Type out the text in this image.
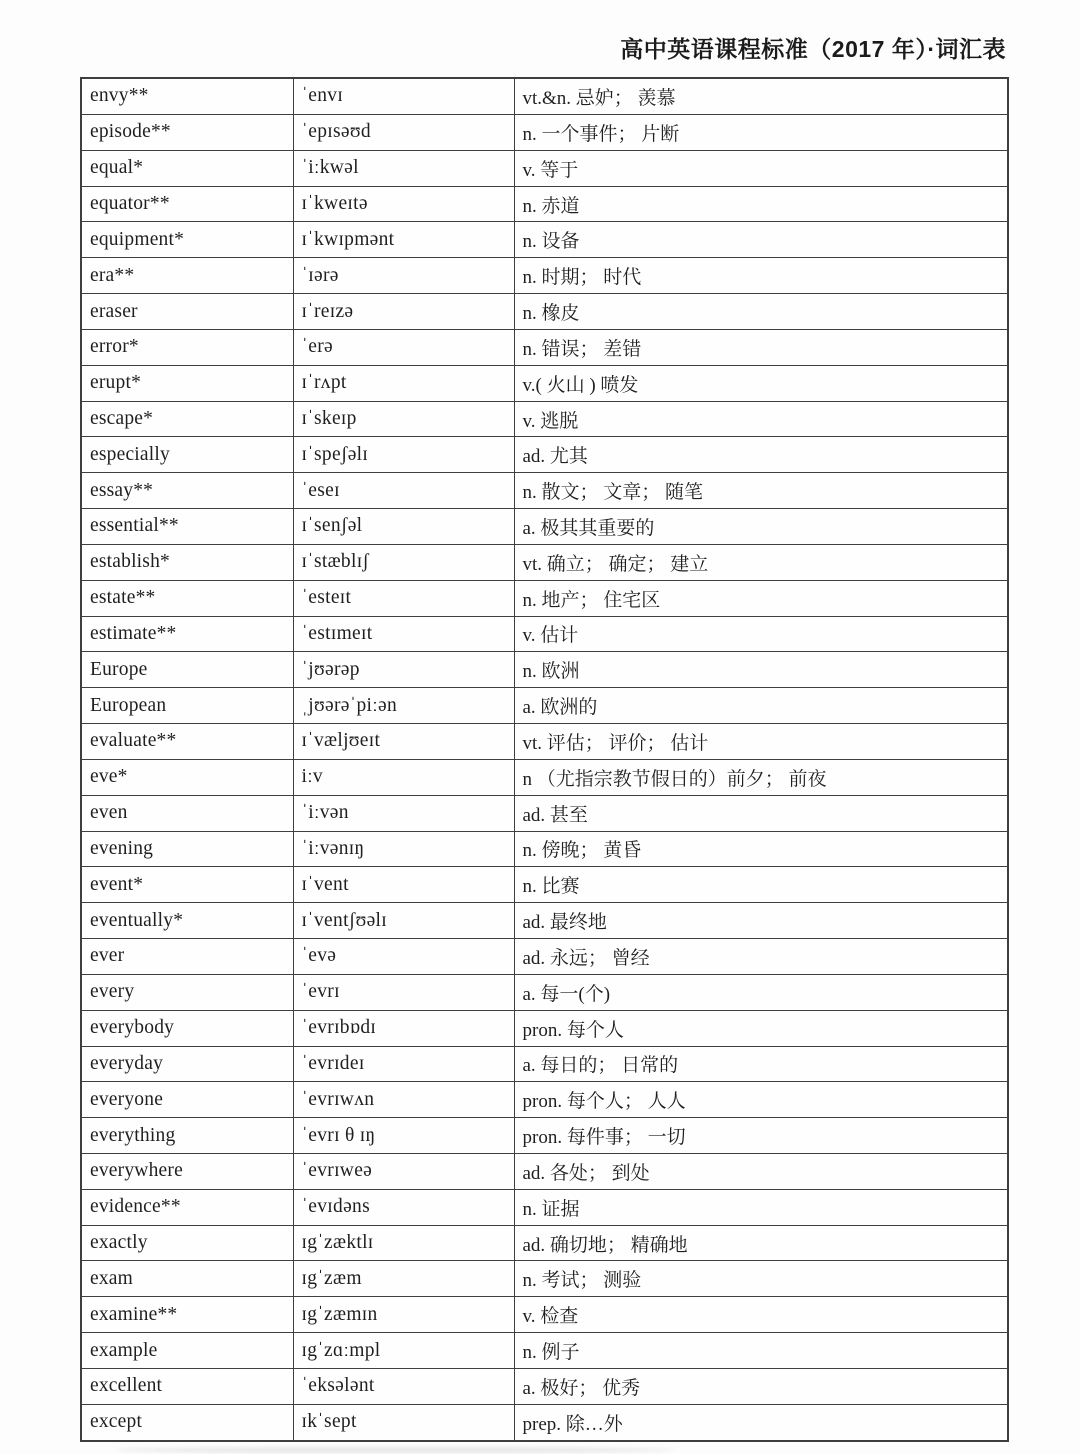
高中英语课程标准（2017 年）·词汇表
envy**	ˈenvɪ	vt.&n. 忌妒； 羡慕
episode**	ˈepɪsəʊd	n. 一个事件； 片断
equal*	ˈiːkwəl	v. 等于
equator**	ɪˈkweɪtə	n. 赤道
equipment*	ɪˈkwɪpmənt	n. 设备
era**	ˈɪərə	n. 时期； 时代
eraser	ɪˈreɪzə	n. 橡皮
error*	ˈerə	n. 错误； 差错
erupt*	ɪˈrʌpt	v.( 火山 ) 喷发
escape*	ɪˈskeɪp	v. 逃脱
especially	ɪˈspeʃəlɪ	ad. 尤其
essay**	ˈeseɪ	n. 散文； 文章； 随笔
essential**	ɪˈsenʃəl	a. 极其其重要的
establish*	ɪˈstæblɪʃ	vt. 确立； 确定； 建立
estate**	ˈesteɪt	n. 地产； 住宅区
estimate**	ˈestɪmeɪt	v. 估计
Europe	ˈjʊərəp	n. 欧洲
European	ˌjʊərəˈpiːən	a. 欧洲的
evaluate**	ɪˈvæljʊeɪt	vt. 评估； 评价； 估计
eve*	iːv	n （尤指宗教节假日的）前夕； 前夜
even	ˈiːvən	ad. 甚至
evening	ˈiːvənɪŋ	n. 傍晚； 黄昏
event*	ɪˈvent	n. 比赛
eventually*	ɪˈventʃʊəlɪ	ad. 最终地
ever	ˈevə	ad. 永远； 曾经
every	ˈevrɪ	a. 每一(个)
everybody	ˈevrɪbɒdɪ	pron. 每个人
everyday	ˈevrɪdeɪ	a. 每日的； 日常的
everyone	ˈevrɪwʌn	pron. 每个人； 人人
everything	ˈevrɪ θ ɪŋ	pron. 每件事； 一切
everywhere	ˈevrɪweə	ad. 各处； 到处
evidence**	ˈevɪdəns	n. 证据
exactly	ɪgˈzæktlɪ	ad. 确切地； 精确地
exam	ɪgˈzæm	n. 考试； 测验
examine**	ɪgˈzæmɪn	v. 检查
example	ɪgˈzɑːmpl	n. 例子
excellent	ˈeksələnt	a. 极好； 优秀
except	ɪkˈsept	prep. 除…外
